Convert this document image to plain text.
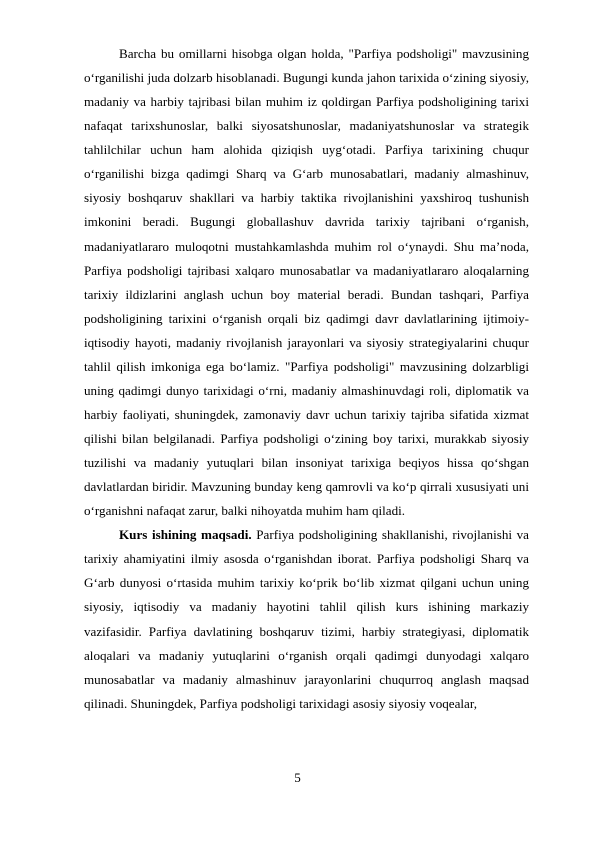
Barcha bu omillarni hisobga olgan holda, "Parfiya podsholigi" mavzusining o‘rganilishi juda dolzarb hisoblanadi. Bugungi kunda jahon tarixida o‘zining siyosiy, madaniy va harbiy tajribasi bilan muhim iz qoldirgan Parfiya podsholigining tarixi nafaqat tarixshunoslar, balki siyosatshunoslar, madaniyatshunoslar va strategik tahlilchilar uchun ham alohida qiziqish uyg‘otadi. Parfiya tarixining chuqur o‘rganilishi bizga qadimgi Sharq va G‘arb munosabatlari, madaniy almashinuv, siyosiy boshqaruv shakllari va harbiy taktika rivojlanishini yaxshiroq tushunish imkonini beradi. Bugungi globallashuv davrida tarixiy tajribani o‘rganish, madaniyatlararo muloqotni mustahkamlashda muhim rol o‘ynaydi. Shu ma’noda, Parfiya podsholigi tajribasi xalqaro munosabatlar va madaniyatlararo aloqalarning tarixiy ildizlarini anglash uchun boy material beradi. Bundan tashqari, Parfiya podsholigining tarixini o‘rganish orqali biz qadimgi davr davlatlarining ijtimoiy-iqtisodiy hayoti, madaniy rivojlanish jarayonlari va siyosiy strategiyalarini chuqur tahlil qilish imkoniga ega bo‘lamiz. "Parfiya podsholigi" mavzusining dolzarbligi uning qadimgi dunyo tarixidagi o‘rni, madaniy almashinuvdagi roli, diplomatik va harbiy faoliyati, shuningdek, zamonaviy davr uchun tarixiy tajriba sifatida xizmat qilishi bilan belgilanadi. Parfiya podsholigi o‘zining boy tarixi, murakkab siyosiy tuzilishi va madaniy yutuqlari bilan insoniyat tarixiga beqiyos hissa qo‘shgan davlatlardan biridir. Mavzuning bunday keng qamrovli va ko‘p qirrali xususiyati uni o‘rganishni nafaqat zarur, balki nihoyatda muhim ham qiladi.

Kurs ishining maqsadi. Parfiya podsholigining shakllanishi, rivojlanishi va tarixiy ahamiyatini ilmiy asosda o‘rganishdan iborat. Parfiya podsholigi Sharq va G‘arb dunyosi o‘rtasida muhim tarixiy ko‘prik bo‘lib xizmat qilgani uchun uning siyosiy, iqtisodiy va madaniy hayotini tahlil qilish kurs ishining markaziy vazifasidir. Parfiya davlatining boshqaruv tizimi, harbiy strategiyasi, diplomatik aloqalari va madaniy yutuqlarini o‘rganish orqali qadimgi dunyodagi xalqaro munosabatlar va madaniy almashinuv jarayonlarini chuqurroq anglash maqsad qilinadi. Shuningdek, Parfiya podsholigi tarixidagi asosiy siyosiy voqealar,

5
